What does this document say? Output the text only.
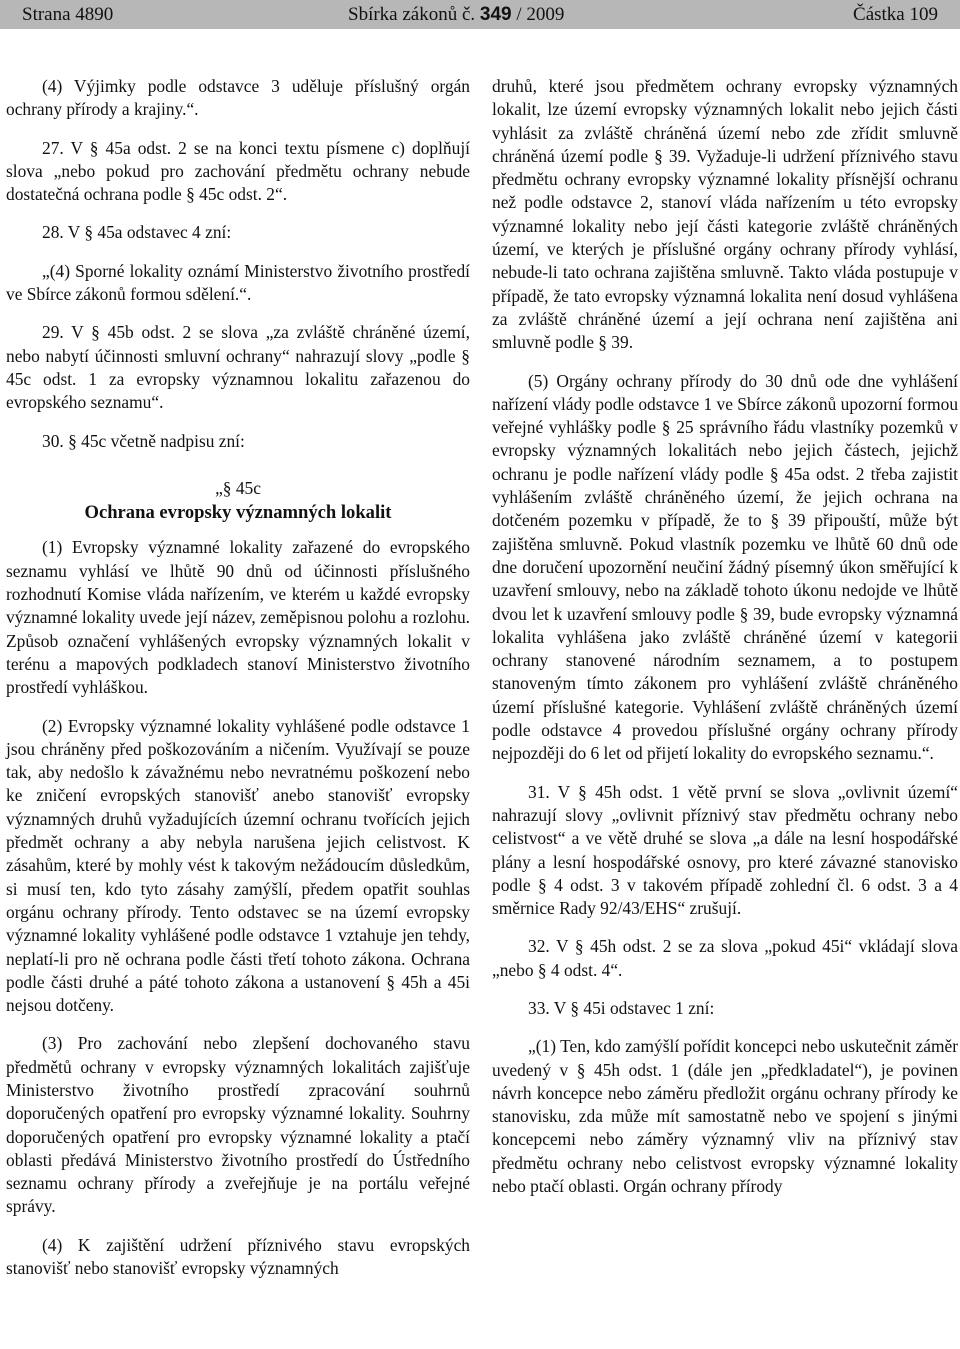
Strana 4890	Sbírka zákonů č. 349 / 2009	Částka 109

(4) Výjimky podle odstavce 3 uděluje příslušný orgán ochrany přírody a krajiny.“.

27. V § 45a odst. 2 se na konci textu písmene c) doplňují slova „nebo pokud pro zachování předmětu ochrany nebude dostatečná ochrana podle § 45c odst. 2“.

28. V § 45a odstavec 4 zní:

„(4) Sporné lokality oznámí Ministerstvo životního prostředí ve Sbírce zákonů formou sdělení.“.

29. V § 45b odst. 2 se slova „za zvláště chráněné území, nebo nabytí účinnosti smluvní ochrany“ nahrazují slovy „podle § 45c odst. 1 za evropsky významnou lokalitu zařazenou do evropského seznamu“.

30. § 45c včetně nadpisu zní:

„§ 45c

Ochrana evropsky významných lokalit

(1) Evropsky významné lokality zařazené do evropského seznamu vyhlásí ve lhůtě 90 dnů od účinnosti příslušného rozhodnutí Komise vláda nařízením, ve kterém u každé evropsky významné lokality uvede její název, zeměpisnou polohu a rozlohu. Způsob označení vyhlášených evropsky významných lokalit v terénu a mapových podkladech stanoví Ministerstvo životního prostředí vyhláškou.

(2) Evropsky významné lokality vyhlášené podle odstavce 1 jsou chráněny před poškozováním a ničením. Využívají se pouze tak, aby nedošlo k závažnému nebo nevratnému poškození nebo ke zničení evropských stanovišť anebo stanovišť evropsky významných druhů vyžadujících územní ochranu tvořících jejich předmět ochrany a aby nebyla narušena jejich celistvost. K zásahům, které by mohly vést k takovým nežádoucím důsledkům, si musí ten, kdo tyto zásahy zamýšlí, předem opatřit souhlas orgánu ochrany přírody. Tento odstavec se na území evropsky významné lokality vyhlášené podle odstavce 1 vztahuje jen tehdy, neplatí-li pro ně ochrana podle části třetí tohoto zákona. Ochrana podle části druhé a páté tohoto zákona a ustanovení § 45h a 45i nejsou dotčeny.

(3) Pro zachování nebo zlepšení dochovaného stavu předmětů ochrany v evropsky významných lokalitách zajišťuje Ministerstvo životního prostředí zpracování souhrnů doporučených opatření pro evropsky významné lokality. Souhrny doporučených opatření pro evropsky významné lokality a ptačí oblasti předává Ministerstvo životního prostředí do Ústředního seznamu ochrany přírody a zveřejňuje je na portálu veřejné správy.

(4) K zajištění udržení příznivého stavu evropských stanovišť nebo stanovišť evropsky významných

druhů, které jsou předmětem ochrany evropsky významných lokalit, lze území evropsky významných lokalit nebo jejich části vyhlásit za zvláště chráněná území nebo zde zřídit smluvně chráněná území podle § 39. Vyžaduje-li udržení příznivého stavu předmětu ochrany evropsky významné lokality přísnější ochranu než podle odstavce 2, stanoví vláda nařízením u této evropsky významné lokality nebo její části kategorie zvláště chráněných území, ve kterých je příslušné orgány ochrany přírody vyhlásí, nebude-li tato ochrana zajištěna smluvně. Takto vláda postupuje v případě, že tato evropsky významná lokalita není dosud vyhlášena za zvláště chráněné území a její ochrana není zajištěna ani smluvně podle § 39.

(5) Orgány ochrany přírody do 30 dnů ode dne vyhlášení nařízení vlády podle odstavce 1 ve Sbírce zákonů upozorní formou veřejné vyhlášky podle § 25 správního řádu vlastníky pozemků v evropsky významných lokalitách nebo jejich částech, jejichž ochranu je podle nařízení vlády podle § 45a odst. 2 třeba zajistit vyhlášením zvláště chráněného území, že jejich ochrana na dotčeném pozemku v případě, že to § 39 připouští, může být zajištěna smluvně. Pokud vlastník pozemku ve lhůtě 60 dnů ode dne doručení upozornění neučiní žádný písemný úkon směřující k uzavření smlouvy, nebo na základě tohoto úkonu nedojde ve lhůtě dvou let k uzavření smlouvy podle § 39, bude evropsky významná lokalita vyhlášena jako zvláště chráněné území v kategorii ochrany stanovené národním seznamem, a to postupem stanoveným tímto zákonem pro vyhlášení zvláště chráněného území příslušné kategorie. Vyhlášení zvláště chráněných území podle odstavce 4 provedou příslušné orgány ochrany přírody nejpozději do 6 let od přijetí lokality do evropského seznamu.“.

31. V § 45h odst. 1 větě první se slova „ovlivnit území“ nahrazují slovy „ovlivnit příznivý stav předmětu ochrany nebo celistvost“ a ve větě druhé se slova „a dále na lesní hospodářské plány a lesní hospodářské osnovy, pro které závazné stanovisko podle § 4 odst. 3 v takovém případě zohlední čl. 6 odst. 3 a 4 směrnice Rady 92/43/EHS“ zrušují.

32. V § 45h odst. 2 se za slova „pokud 45i“ vkládají slova „nebo § 4 odst. 4“.

33. V § 45i odstavec 1 zní:

„(1) Ten, kdo zamýšlí pořídit koncepci nebo uskutečnit záměr uvedený v § 45h odst. 1 (dále jen „předkladatel“), je povinen návrh koncepce nebo záměru předložit orgánu ochrany přírody ke stanovisku, zda může mít samostatně nebo ve spojení s jinými koncepcemi nebo záměry významný vliv na příznivý stav předmětu ochrany nebo celistvost evropsky významné lokality nebo ptačí oblasti. Orgán ochrany přírody
